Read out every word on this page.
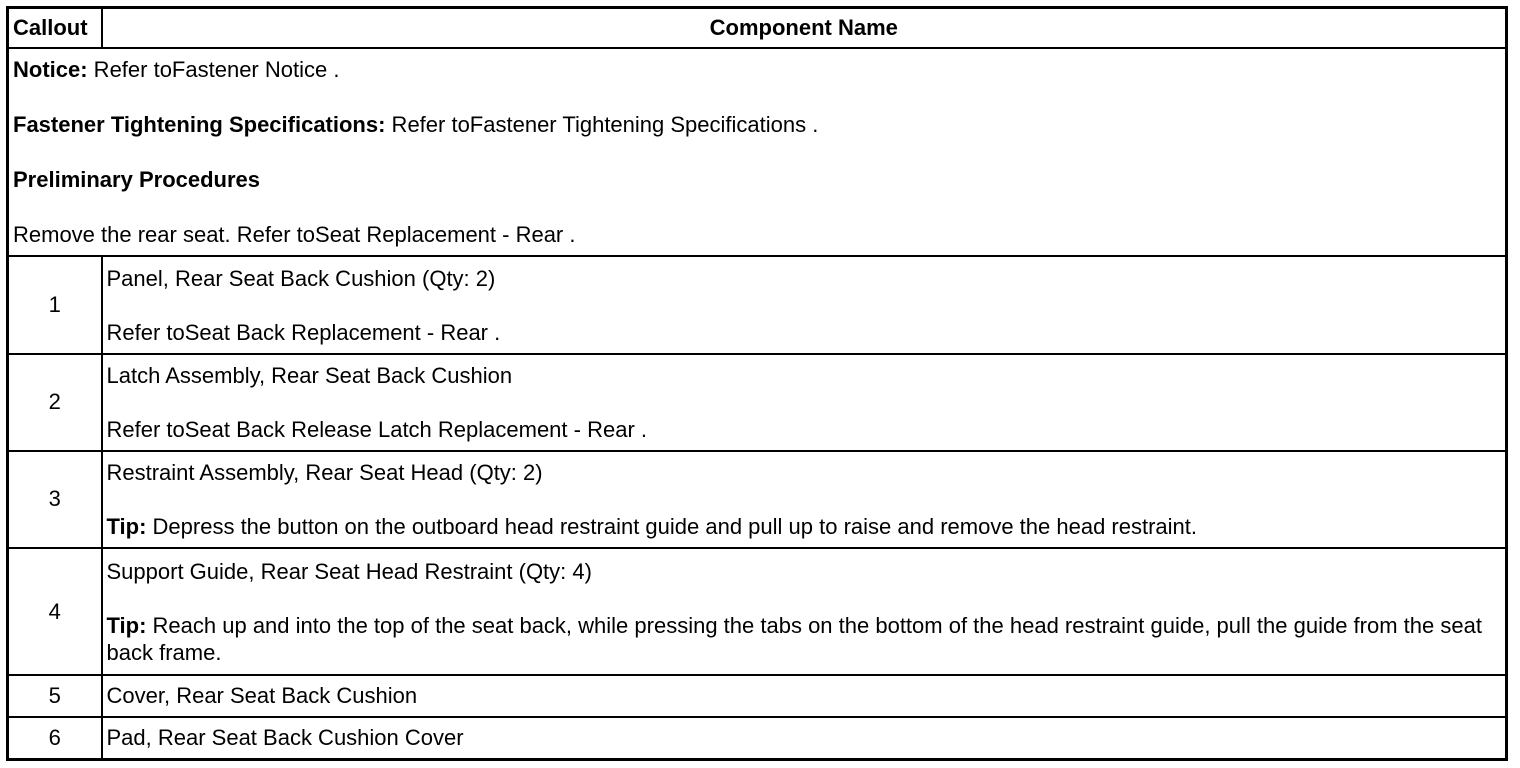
Callout	Component Name

Notice: Refer toFastener Notice .

Fastener Tightening Specifications: Refer toFastener Tightening Specifications .

Preliminary Procedures

Remove the rear seat. Refer toSeat Replacement - Rear .	

1	Panel, Rear Seat Back Cushion (Qty: 2)

Refer toSeat Back Replacement - Rear .

2	Latch Assembly, Rear Seat Back Cushion

Refer toSeat Back Release Latch Replacement - Rear .

3	Restraint Assembly, Rear Seat Head (Qty: 2)

Tip: Depress the button on the outboard head restraint guide and pull up to raise and remove the head restraint.

4	Support Guide, Rear Seat Head Restraint (Qty: 4)

Tip: Reach up and into the top of the seat back, while pressing the tabs on the bottom of the head restraint guide, pull the guide from the seat back frame.

5	Cover, Rear Seat Back Cushion
6	Pad, Rear Seat Back Cushion Cover
